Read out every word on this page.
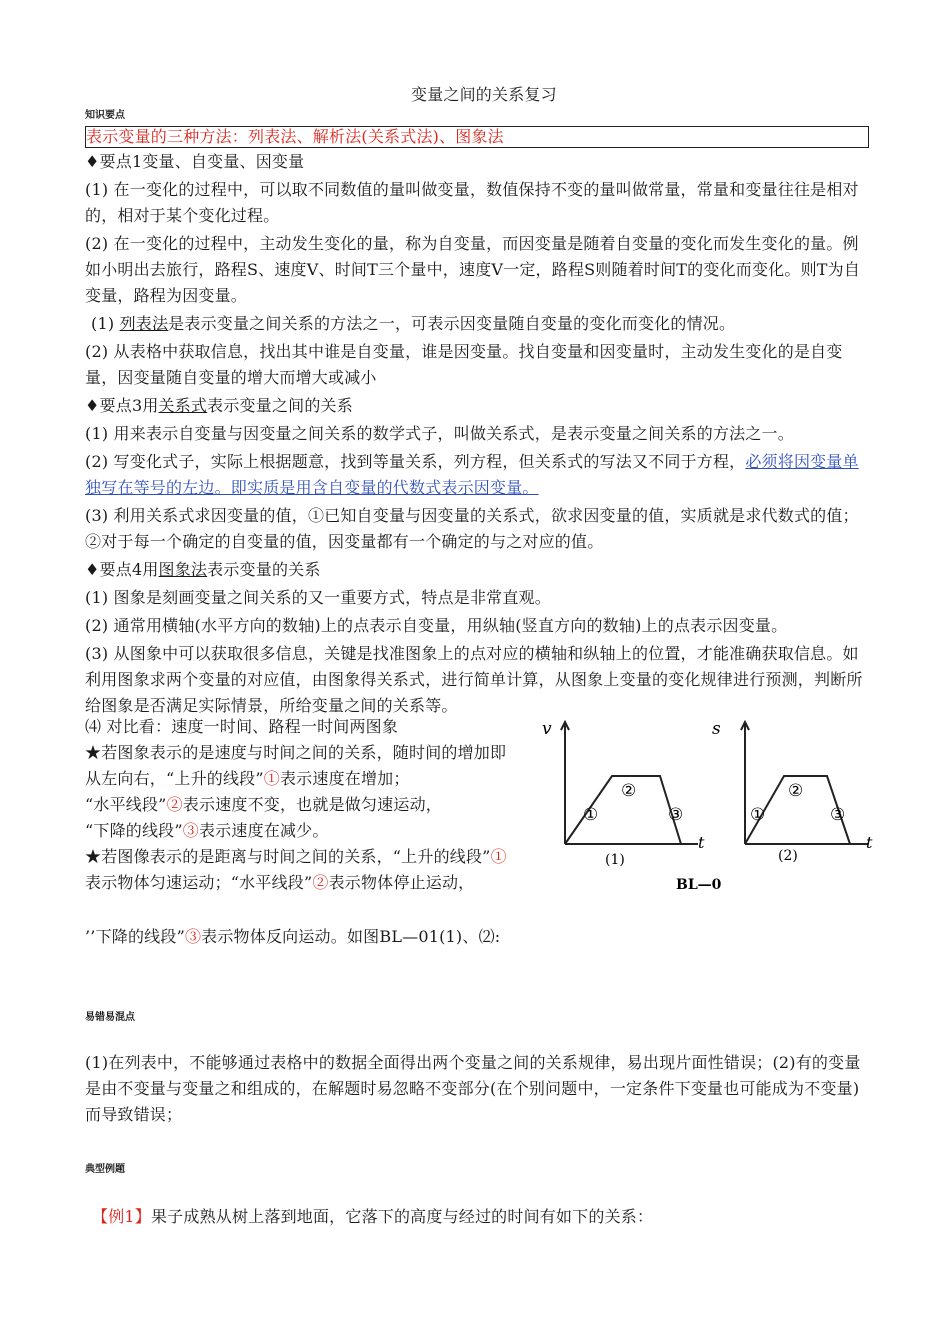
变量之间的关系复习
知识要点
表示变量的三种方法：列表法、解析法(关系式法)、图象法

♦要点1变量、自变量、因变量

(1) 在一变化的过程中，可以取不同数值的量叫做变量，数值保持不变的量叫做常量，常量和变量往往是相对的，相对于某个变化过程。

(2) 在一变化的过程中，主动发生变化的量，称为自变量，而因变量是随着自变量的变化而发生变化的量。例如小明出去旅行，路程S、速度V、时间T三个量中，速度V一定，路程S则随着时间T的变化而变化。则T为自变量，路程为因变量。

(1) 列表法是表示变量之间关系的方法之一，可表示因变量随自变量的变化而变化的情况。

(2) 从表格中获取信息，找出其中谁是自变量，谁是因变量。找自变量和因变量时，主动发生变化的是自变量，因变量随自变量的增大而增大或减小

♦要点3用关系式表示变量之间的关系

(1) 用来表示自变量与因变量之间关系的数学式子，叫做关系式，是表示变量之间关系的方法之一。

(2) 写变化式子，实际上根据题意，找到等量关系，列方程，但关系式的写法又不同于方程，必须将因变量单独写在等号的左边。即实质是用含自变量的代数式表示因变量。

(3) 利用关系式求因变量的值，①已知自变量与因变量的关系式，欲求因变量的值，实质就是求代数式的值；②对于每一个确定的自变量的值，因变量都有一个确定的与之对应的值。

♦要点4用图象法表示变量的关系

(1) 图象是刻画变量之间关系的又一重要方式，特点是非常直观。

(2) 通常用横轴(水平方向的数轴)上的点表示自变量，用纵轴(竖直方向的数轴)上的点表示因变量。

(3) 从图象中可以获取很多信息，关键是找准图象上的点对应的横轴和纵轴上的位置，才能准确获取信息。如利用图象求两个变量的对应值，由图象得关系式，进行简单计算，从图象上变量的变化规律进行预测，判断所给图象是否满足实际情景，所给变量之间的关系等。

⑷ 对比看：速度一时间、路程一时间两图象

★若图象表示的是速度与时间之间的关系，随时间的增加即从左向右，“上升的线段”①表示速度在增加；
“水平线段”②表示速度不变，也就是做匀速运动，
“下降的线段”③表示速度在减少。

★若图像表示的是距离与时间之间的关系，“上升的线段”①表示物体匀速运动；“水平线段”②表示物体停止运动，

’’下降的线段”③表示物体反向运动。如图BL—01(1)、⑵:

v
t
②
①	③
(1)
s
t
②
①	③
(2)
BL—0
易错易混点
(1)在列表中，不能够通过表格中的数据全面得出两个变量之间的关系规律，易出现片面性错误；(2)有的变量是由不变量与变量之和组成的，在解题时易忽略不变部分(在个别问题中，一定条件下变量也可能成为不变量)而导致错误；
典型例题
【例1】果子成熟从树上落到地面，它落下的高度与经过的时间有如下的关系：
